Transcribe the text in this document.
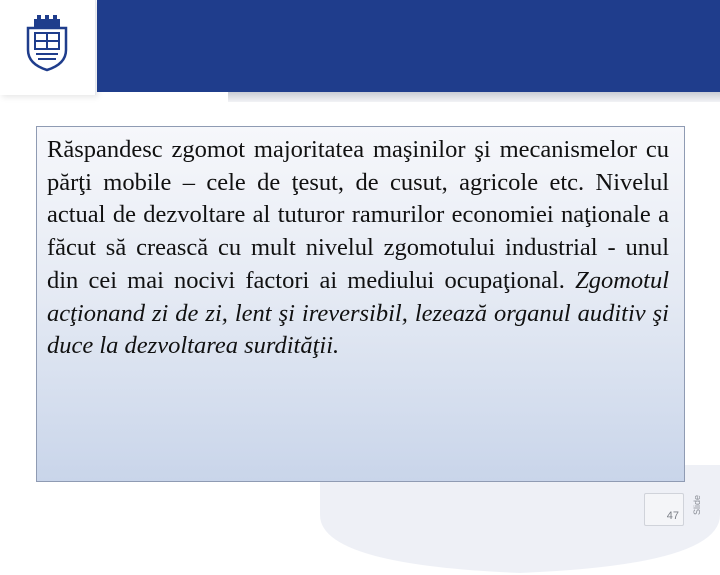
Răspandesc zgomot majoritatea maşinilor şi mecanismelor cu părţi mobile – cele de ţesut, de cusut, agricole etc. Nivelul actual de dezvoltare al tuturor ramurilor economiei naţionale a făcut să crească cu mult nivelul zgomotului industrial - unul din cei mai nocivi factori ai mediului ocupaţional. Zgomotul acţionand zi de zi, lent şi ireversibil, lezează organul auditiv şi duce la dezvoltarea surdităţii.

47
Slide
